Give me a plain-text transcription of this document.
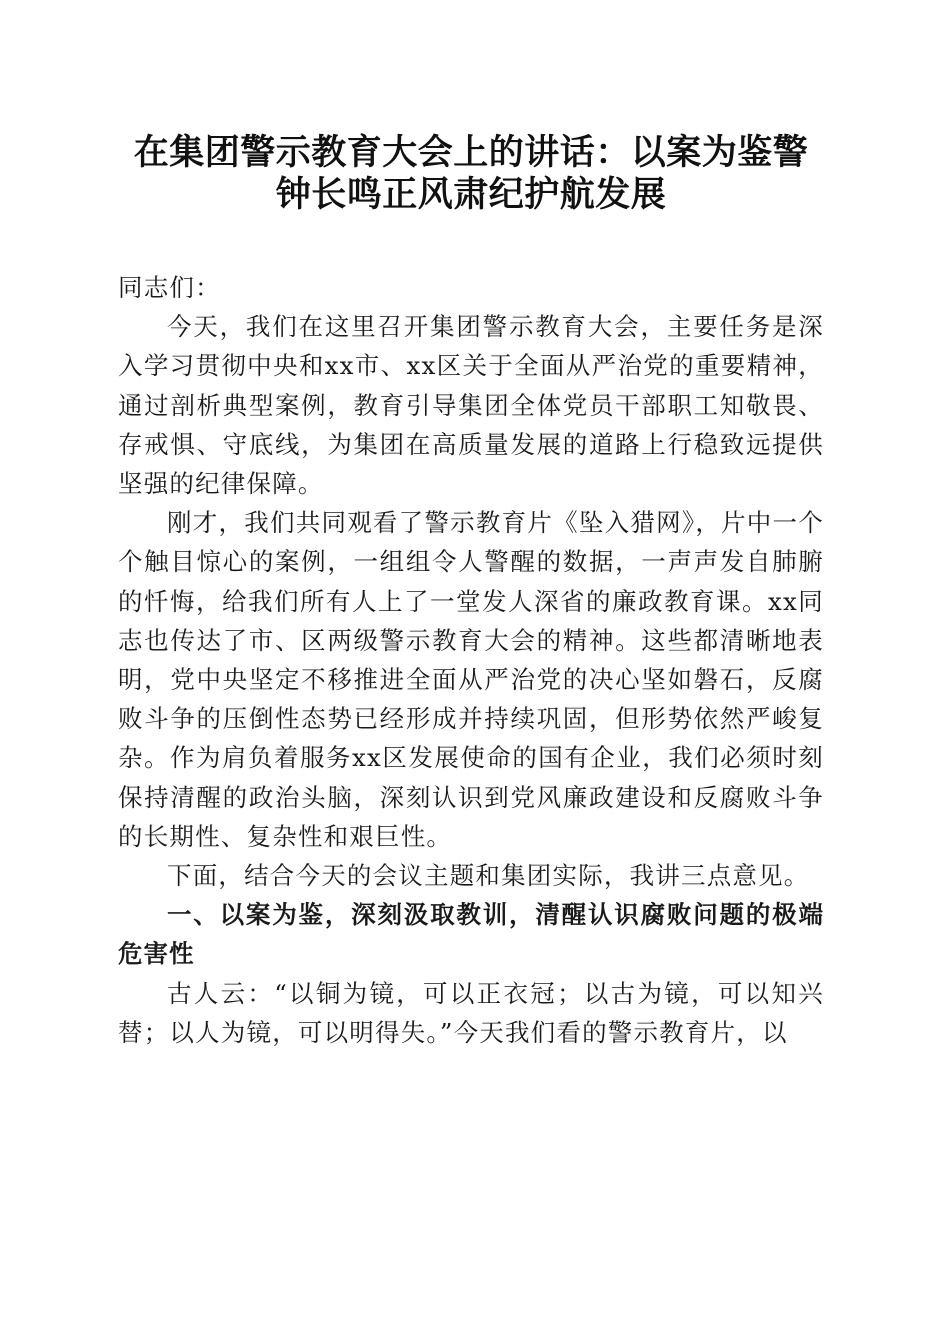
在集团警示教育大会上的讲话：以案为鉴警钟长鸣正风肃纪护航发展

同志们：

今天，我们在这里召开集团警示教育大会，主要任务是深入学习贯彻中央和xx市、xx区关于全面从严治党的重要精神，通过剖析典型案例，教育引导集团全体党员干部职工知敬畏、存戒惧、守底线，为集团在高质量发展的道路上行稳致远提供坚强的纪律保障。

刚才，我们共同观看了警示教育片《坠入猎网》，片中一个个触目惊心的案例，一组组令人警醒的数据，一声声发自肺腑的忏悔，给我们所有人上了一堂发人深省的廉政教育课。xx同志也传达了市、区两级警示教育大会的精神。这些都清晰地表明，党中央坚定不移推进全面从严治党的决心坚如磐石，反腐败斗争的压倒性态势已经形成并持续巩固，但形势依然严峻复杂。作为肩负着服务xx区发展使命的国有企业，我们必须时刻保持清醒的政治头脑，深刻认识到党风廉政建设和反腐败斗争的长期性、复杂性和艰巨性。

下面，结合今天的会议主题和集团实际，我讲三点意见。

一、以案为鉴，深刻汲取教训，清醒认识腐败问题的极端危害性

古人云：“以铜为镜，可以正衣冠；以古为镜，可以知兴替；以人为镜，可以明得失。”今天我们看的警示教育片，以
